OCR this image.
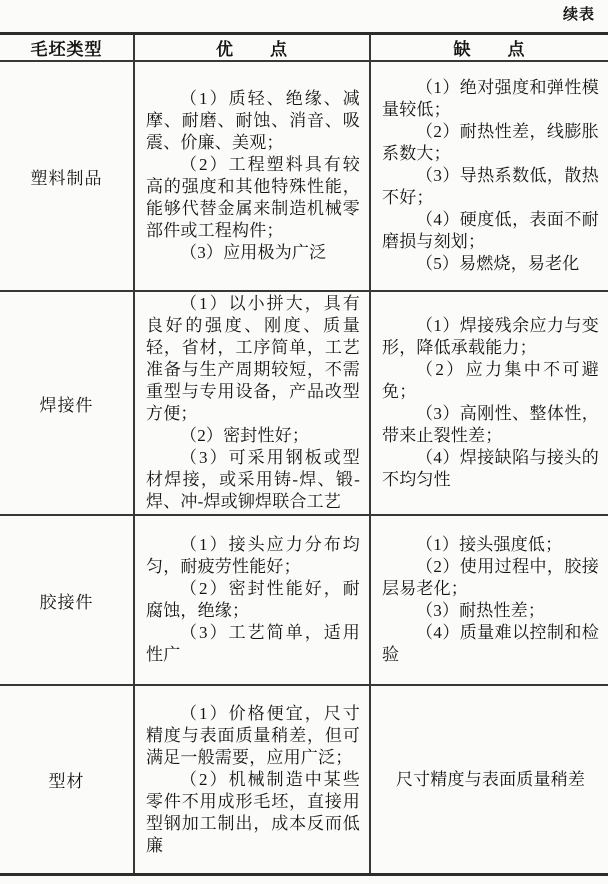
续表
毛坯类型	优　　点	缺　　点
塑料制品

（1）质轻、绝缘、减摩、耐磨、耐蚀、消音、吸震、价廉、美观；

（2）工程塑料具有较高的强度和其他特殊性能，能够代替金属来制造机械零部件或工程构件；

（3）应用极为广泛

（1）绝对强度和弹性模量较低；

（2）耐热性差，线膨胀系数大；

（3）导热系数低，散热不好；

（4）硬度低，表面不耐磨损与刻划；

（5）易燃烧，易老化

焊接件

（1）以小拼大，具有良好的强度、刚度、质量轻，省材，工序简单，工艺准备与生产周期较短，不需重型与专用设备，产品改型方便；

（2）密封性好；

（3）可采用钢板或型材焊接，或采用铸-焊、锻-焊、冲-焊或铆焊联合工艺

（1）焊接残余应力与变形，降低承载能力；

（2）应力集中不可避免；

（3）高刚性、整体性，带来止裂性差；

（4）焊接缺陷与接头的不均匀性

胶接件

（1）接头应力分布均匀，耐疲劳性能好；

（2）密封性能好，耐腐蚀，绝缘；

（3）工艺简单，适用性广

（1）接头强度低；

（2）使用过程中，胶接层易老化；

（3）耐热性差；

（4）质量难以控制和检验

型材

（1）价格便宜，尺寸精度与表面质量稍差，但可满足一般需要，应用广泛；

（2）机械制造中某些零件不用成形毛坯，直接用型钢加工制出，成本反而低廉

尺寸精度与表面质量稍差
